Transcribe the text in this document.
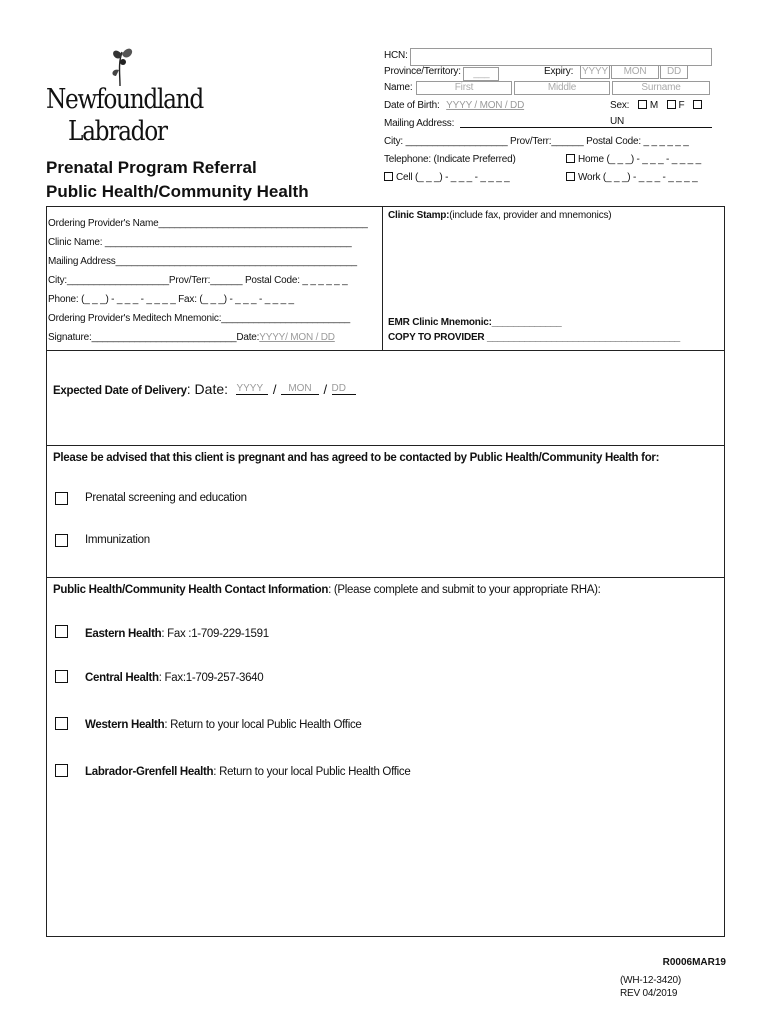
Newfoundland
Labrador
Prenatal Program Referral
Public Health/Community Health
HCN:
Province/Territory: ___	Expiry: YYYY	MON	DD
Name:	First	Middle	Surname
Date of Birth: YYYY / MON / DD	Sex: M F UN
Mailing Address:
City: ___________________ Prov/Terr:______ Postal Code: _ _ _ _ _ _
Telephone: (Indicate Preferred)	Home (_ _ _) - _ _ _ - _ _ _ _
Cell (_ _ _) - _ _ _ - _ _ _ _	Work (_ _ _) - _ _ _ - _ _ _ _
Ordering Provider's Name_______________________________________
Clinic Name: ______________________________________________
Mailing Address_____________________________________________
City:___________________Prov/Terr:______ Postal Code: _ _ _ _ _ _
Phone: (_ _ _) - _ _ _ - _ _ _ _ Fax: (_ _ _) - _ _ _ - _ _ _ _
Ordering Provider's Meditech Mnemonic:________________________
Signature:___________________________Date:YYYY/ MON / DD
Clinic Stamp:(include fax, provider and mnemonics)
EMR Clinic Mnemonic:_____________
COPY TO PROVIDER ____________________________________
Expected Date of Delivery: Date: YYYY / MON / DD
Please be advised that this client is pregnant and has agreed to be contacted by Public Health/Community Health for:
Prenatal screening and education
Immunization
Public Health/Community Health Contact Information: (Please complete and submit to your appropriate RHA):
Eastern Health: Fax :1-709-229-1591
Central Health: Fax:1-709-257-3640
Western Health: Return to your local Public Health Office
Labrador-Grenfell Health: Return to your local Public Health Office
R0006MAR19
(WH-12-3420)
REV 04/2019
